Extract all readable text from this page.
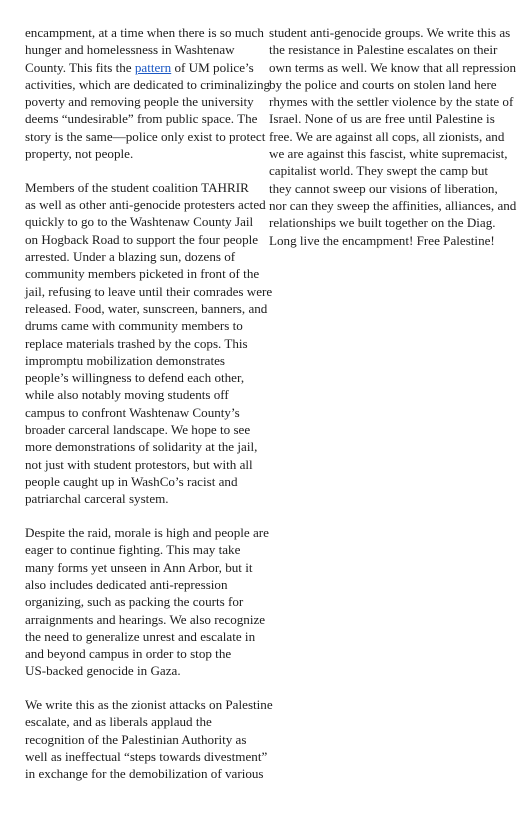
encampment, at a time when there is so much
hunger and homelessness in Washtenaw
County. This fits the pattern of UM police’s
activities, which are dedicated to criminalizing
poverty and removing people the university
deems “undesirable” from public space. The
story is the same—police only exist to protect
property, not people.

Members of the student coalition TAHRIR
as well as other anti-genocide protesters acted
quickly to go to the Washtenaw County Jail
on Hogback Road to support the four people
arrested. Under a blazing sun, dozens of
community members picketed in front of the
jail, refusing to leave until their comrades were
released. Food, water, sunscreen, banners, and
drums came with community members to
replace materials trashed by the cops. This
impromptu mobilization demonstrates
people’s willingness to defend each other,
while also notably moving students off
campus to confront Washtenaw County’s
broader carceral landscape. We hope to see
more demonstrations of solidarity at the jail,
not just with student protestors, but with all
people caught up in WashCo’s racist and
patriarchal carceral system.

Despite the raid, morale is high and people are
eager to continue fighting. This may take
many forms yet unseen in Ann Arbor, but it
also includes dedicated anti-repression
organizing, such as packing the courts for
arraignments and hearings. We also recognize
the need to generalize unrest and escalate in
and beyond campus in order to stop the
US-backed genocide in Gaza.

We write this as the zionist attacks on Palestine
escalate, and as liberals applaud the
recognition of the Palestinian Authority as
well as ineffectual “steps towards divestment”
in exchange for the demobilization of various

student anti-genocide groups. We write this as
the resistance in Palestine escalates on their
own terms as well. We know that all repression
by the police and courts on stolen land here
rhymes with the settler violence by the state of
Israel. None of us are free until Palestine is
free. We are against all cops, all zionists, and
we are against this fascist, white supremacist,
capitalist world. They swept the camp but
they cannot sweep our visions of liberation,
nor can they sweep the affinities, alliances, and
relationships we built together on the Diag.
Long live the encampment! Free Palestine!
